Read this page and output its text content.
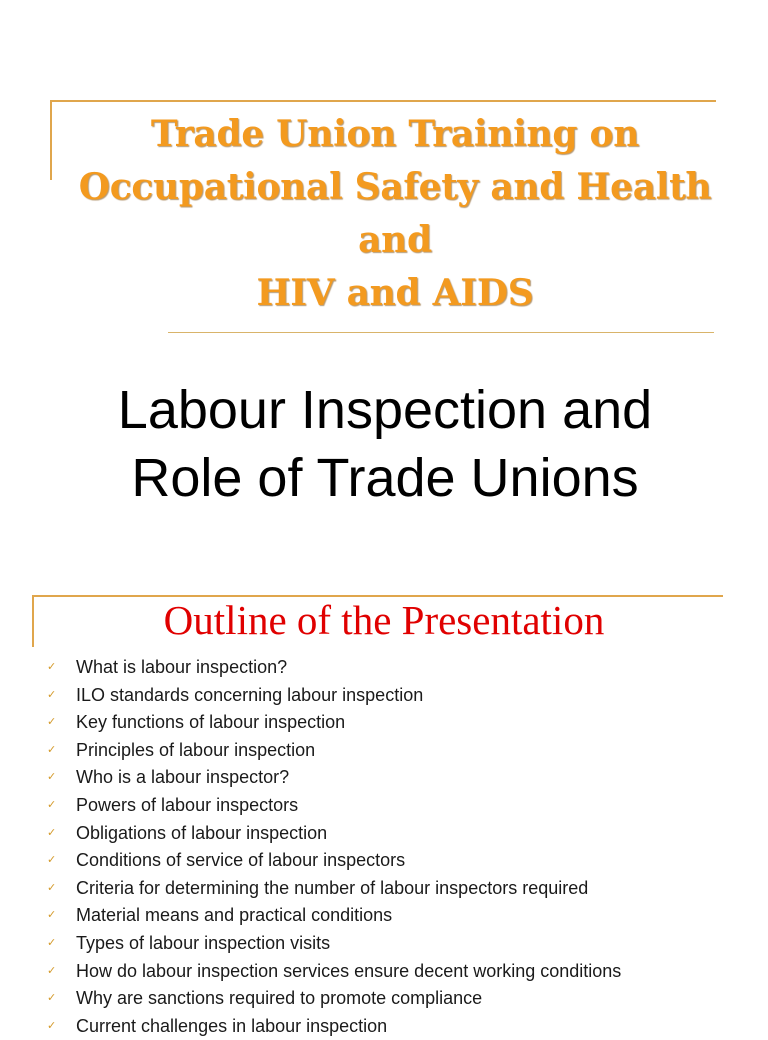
Trade Union Training on
Occupational Safety and Health and
HIV and AIDS
Labour Inspection and
Role of Trade Unions
Outline of the Presentation
✓ What is labour inspection?
✓ ILO standards concerning labour inspection
✓ Key functions of labour inspection
✓ Principles of labour inspection
✓ Who is a labour inspector?
✓ Powers of labour inspectors
✓ Obligations of labour inspection
✓ Conditions of service of labour inspectors
✓ Criteria for determining the number of labour inspectors required
✓ Material means and practical conditions
✓ Types of labour inspection visits
✓ How do labour inspection services ensure decent working conditions
✓ Why are sanctions required to promote compliance
✓ Current challenges in labour inspection
